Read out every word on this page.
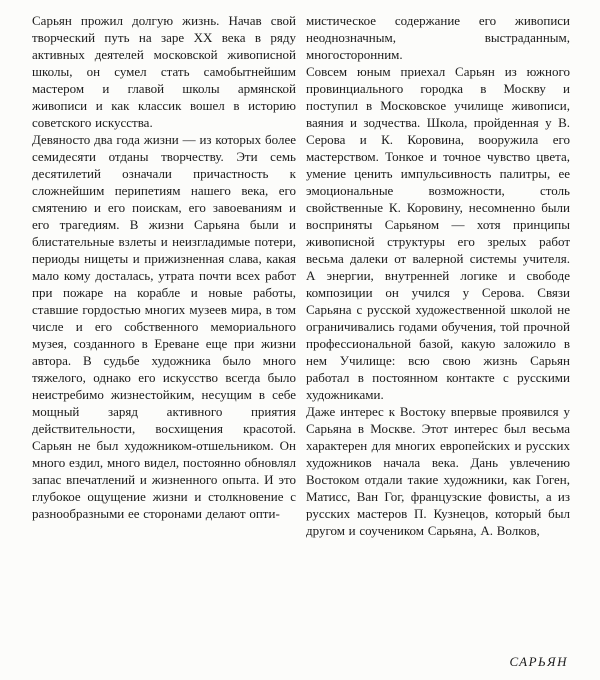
Сарьян прожил долгую жизнь. Начав свой творческий путь на заре XX века в ряду активных деятелей московской живописной школы, он сумел стать самобытнейшим мастером и главой школы армянской живописи и как классик вошел в историю советского искусства.

Девяносто два года жизни — из которых более семидесяти отданы творчеству. Эти семь десятилетий означали причастность к сложнейшим перипетиям нашего века, его смятению и его поискам, его завоеваниям и его трагедиям. В жизни Сарьяна были и блистательные взлеты и неизгладимые потери, периоды нищеты и прижизненная слава, какая мало кому досталась, утрата почти всех работ при пожаре на корабле и новые работы, ставшие гордостью многих музеев мира, в том числе и его собственного мемориального музея, созданного в Ереване еще при жизни автора. В судьбе художника было много тяжелого, однако его искусство всегда было неистребимо жизнестойким, несущим в себе мощный заряд активного приятия действительности, восхищения красотой. Сарьян не был художником-отшельником. Он много ездил, много видел, постоянно обновлял запас впечатлений и жизненного опыта. И это глубокое ощущение жизни и столкновение с разнообразными ее сторонами делают опти-

мистическое содержание его живописи неоднозначным, выстраданным, многосторонним.

Совсем юным приехал Сарьян из южного провинциального городка в Москву и поступил в Московское училище живописи, ваяния и зодчества. Школа, пройденная у В. Серова и К. Коровина, вооружила его мастерством. Тонкое и точное чувство цвета, умение ценить импульсивность палитры, ее эмоциональные возможности, столь свойственные К. Коровину, несомненно были восприняты Сарьяном — хотя принципы живописной структуры его зрелых работ весьма далеки от валерной системы учителя. А энергии, внутренней логике и свободе композиции он учился у Серова. Связи Сарьяна с русской художественной школой не ограничивались годами обучения, той прочной профессиональной базой, какую заложило в нем Училище: всю свою жизнь Сарьян работал в постоянном контакте с русскими художниками.

Даже интерес к Востоку впервые проявился у Сарьяна в Москве. Этот интерес был весьма характерен для многих европейских и русских художников начала века. Дань увлечению Востоком отдали такие художники, как Гоген, Матисс, Ван Гог, французские фовисты, а из русских мастеров П. Кузнецов, который был другом и соучеником Сарьяна, А. Волков,

САРЬЯН
